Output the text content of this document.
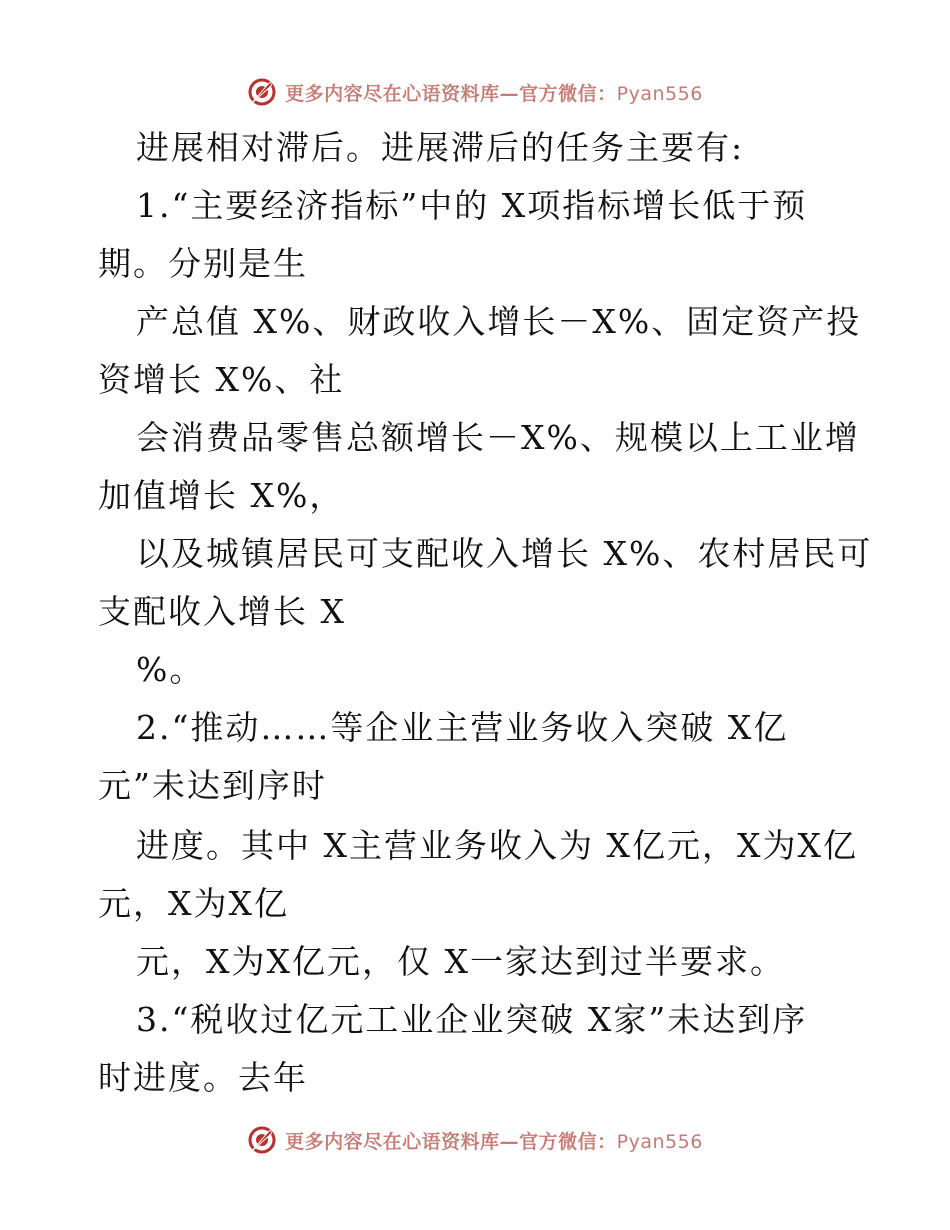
更多内容尽在心语资料库—官方微信：Pyan556
进展相对滞后。进展滞后的任务主要有:
1.“主要经济指标”中的 X项指标增长低于预
期。分别是生
产总值 X%、财政收入增长－X%、固定资产投
资增长 X%、社
会消费品零售总额增长－X%、规模以上工业增
加值增长 X%，
以及城镇居民可支配收入增长 X%、农村居民可
支配收入增长 X
%。
2.“推动……等企业主营业务收入突破 X亿
元”未达到序时
进度。其中 X主营业务收入为 X亿元，X为X亿
元，X为X亿
元，X为X亿元，仅 X一家达到过半要求。
3.“税收过亿元工业企业突破 X家”未达到序
时进度。去年
更多内容尽在心语资料库—官方微信：Pyan556
